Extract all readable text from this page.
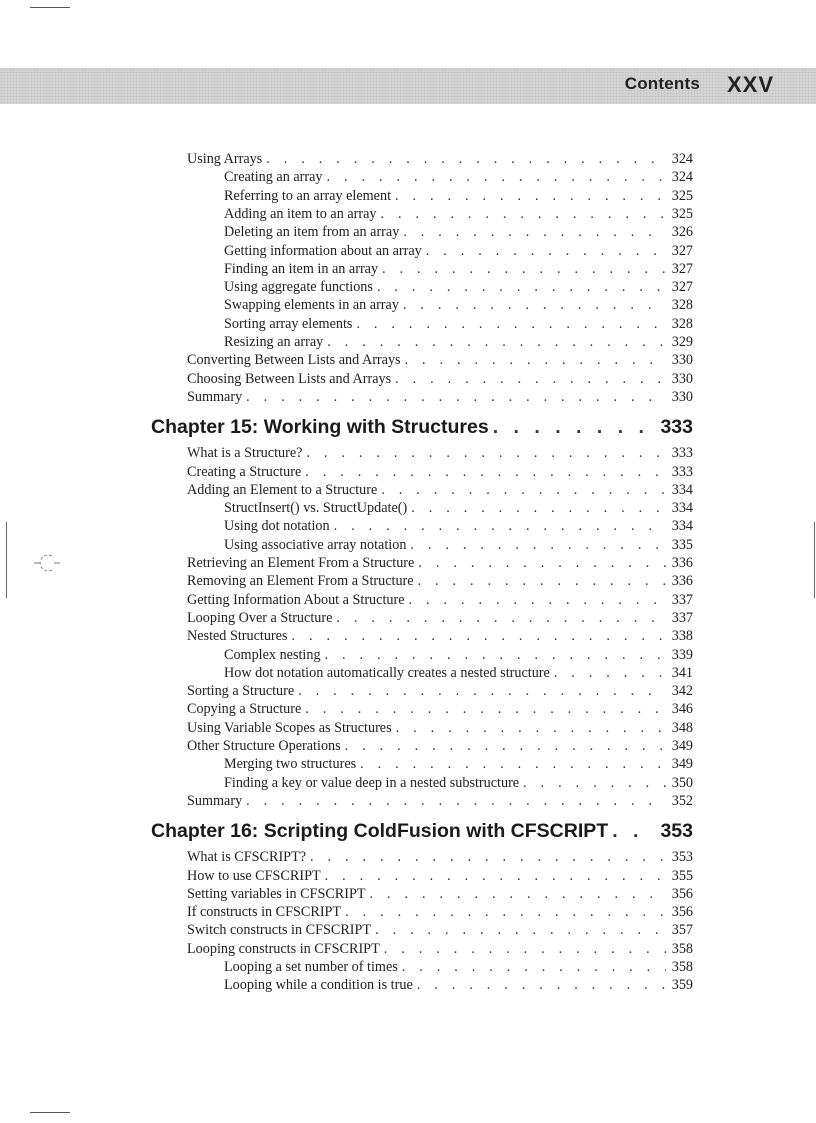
Contents XXV
Using Arrays . . .	324
Creating an array . . .	324
Referring to an array element . . .	325
Adding an item to an array . . .	325
Deleting an item from an array . . .	326
Getting information about an array . . .	327
Finding an item in an array . . .	327
Using aggregate functions . . .	327
Swapping elements in an array . . .	328
Sorting array elements . . .	328
Resizing an array . . .	329
Converting Between Lists and Arrays . . .	330
Choosing Between Lists and Arrays . . .	330
Summary . . .	330
Chapter 15: Working with Structures . . .	333
What is a Structure? . . .	333
Creating a Structure . . .	333
Adding an Element to a Structure . . .	334
StructInsert() vs. StructUpdate() . . .	334
Using dot notation . . .	334
Using associative array notation . . .	335
Retrieving an Element From a Structure . . .	336
Removing an Element From a Structure . . .	336
Getting Information About a Structure . . .	337
Looping Over a Structure . . .	337
Nested Structures . . .	338
Complex nesting . . .	339
How dot notation automatically creates a nested structure . . .	341
Sorting a Structure . . .	342
Copying a Structure . . .	346
Using Variable Scopes as Structures . . .	348
Other Structure Operations . . .	349
Merging two structures . . .	349
Finding a key or value deep in a nested substructure . . .	350
Summary . . .	352
Chapter 16: Scripting ColdFusion with CFSCRIPT . . .	353
What is CFSCRIPT? . . .	353
How to use CFSCRIPT . . .	355
Setting variables in CFSCRIPT . . .	356
If constructs in CFSCRIPT . . .	356
Switch constructs in CFSCRIPT . . .	357
Looping constructs in CFSCRIPT . . .	358
Looping a set number of times . . .	358
Looping while a condition is true . . .	359
